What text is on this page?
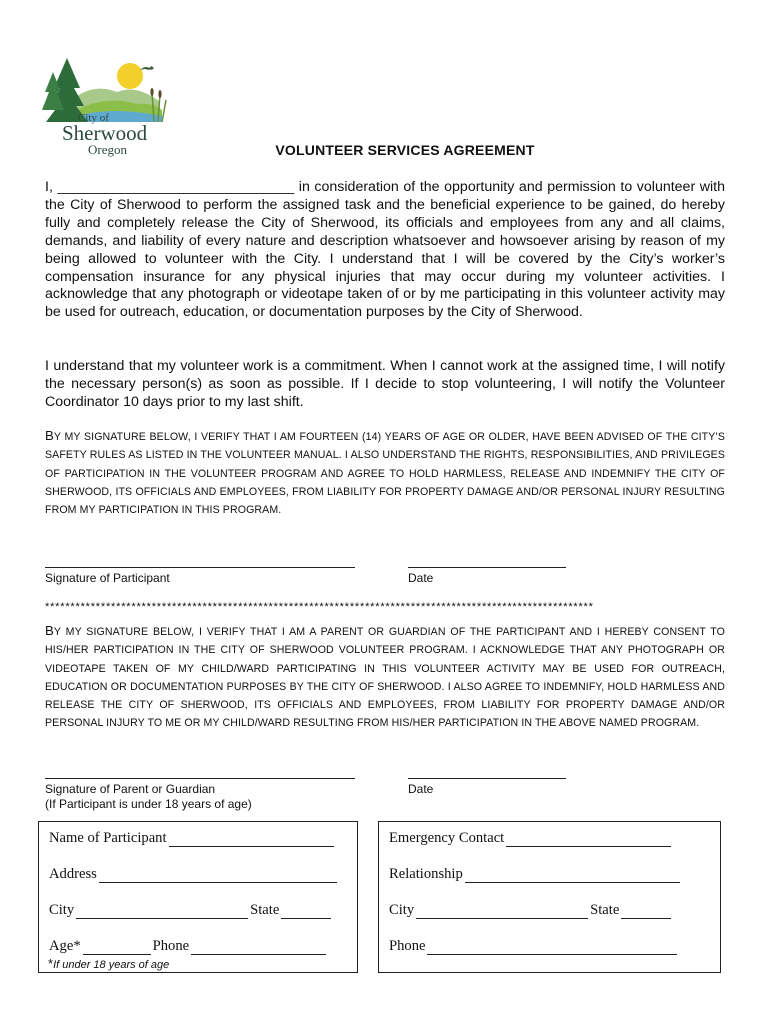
City of
Sherwood
Oregon	VOLUNTEER SERVICES AGREEMENT
I, ______________________________ in consideration of the opportunity and permission to volunteer with the City of Sherwood to perform the assigned task and the beneficial experience to be gained, do hereby fully and completely release the City of Sherwood, its officials and employees from any and all claims, demands, and liability of every nature and description whatsoever and howsoever arising by reason of my being allowed to volunteer with the City. I understand that I will be covered by the City’s worker’s compensation insurance for any physical injuries that may occur during my volunteer activities. I acknowledge that any photograph or videotape taken of or by me participating in this volunteer activity may be used for outreach, education, or documentation purposes by the City of Sherwood.
I understand that my volunteer work is a commitment. When I cannot work at the assigned time, I will notify the necessary person(s) as soon as possible. If I decide to stop volunteering, I will notify the Volunteer Coordinator 10 days prior to my last shift.
BY MY SIGNATURE BELOW, I VERIFY THAT I AM FOURTEEN (14) YEARS OF AGE OR OLDER, HAVE BEEN ADVISED OF THE CITY’S SAFETY RULES AS LISTED IN THE VOLUNTEER MANUAL. I ALSO UNDERSTAND THE RIGHTS, RESPONSIBILITIES, AND PRIVILEGES OF PARTICIPATION IN THE VOLUNTEER PROGRAM AND AGREE TO HOLD HARMLESS, RELEASE AND INDEMNIFY THE CITY OF SHERWOOD, ITS OFFICIALS AND EMPLOYEES, FROM LIABILITY FOR PROPERTY DAMAGE AND/OR PERSONAL INJURY RESULTING FROM MY PARTICIPATION IN THIS PROGRAM.
Signature of Participant	Date
************************************************************************************************************
BY MY SIGNATURE BELOW, I VERIFY THAT I AM A PARENT OR GUARDIAN OF THE PARTICIPANT AND I HEREBY CONSENT TO HIS/HER PARTICIPATION IN THE CITY OF SHERWOOD VOLUNTEER PROGRAM. I ACKNOWLEDGE THAT ANY PHOTOGRAPH OR VIDEOTAPE TAKEN OF MY CHILD/WARD PARTICIPATING IN THIS VOLUNTEER ACTIVITY MAY BE USED FOR OUTREACH, EDUCATION OR DOCUMENTATION PURPOSES BY THE CITY OF SHERWOOD. I ALSO AGREE TO INDEMNIFY, HOLD HARMLESS AND RELEASE THE CITY OF SHERWOOD, ITS OFFICIALS AND EMPLOYEES, FROM LIABILITY FOR PROPERTY DAMAGE AND/OR PERSONAL INJURY TO ME OR MY CHILD/WARD RESULTING FROM HIS/HER PARTICIPATION IN THE ABOVE NAMED PROGRAM.
Signature of Parent or Guardian
(If Participant is under 18 years of age)
Date
Name of Participant
Address
City	State
Age*	Phone
*If under 18 years of age
Emergency Contact
Relationship
City	State
Phone
